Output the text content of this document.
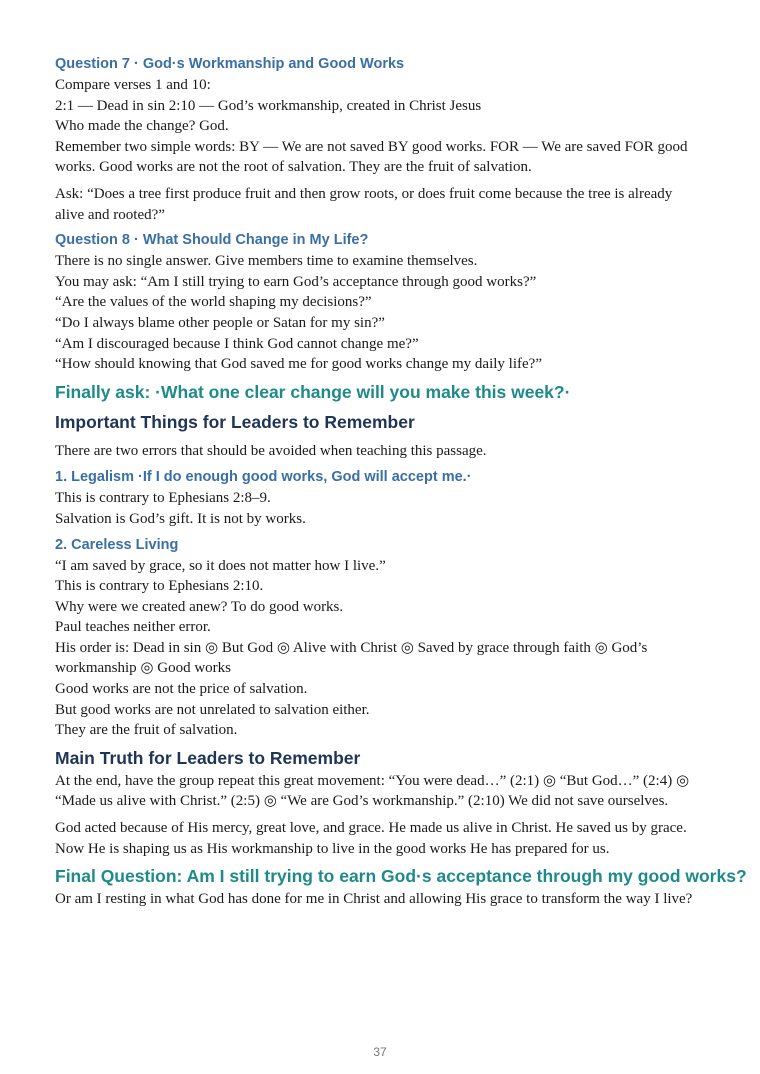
Question 7 · God·s Workmanship and Good Works
Compare verses 1 and 10:
2:1 — Dead in sin 2:10 — God’s workmanship, created in Christ Jesus
Who made the change? God.
Remember two simple words: BY — We are not saved BY good works. FOR — We are saved FOR good works. Good works are not the root of salvation. They are the fruit of salvation.
Ask: “Does a tree first produce fruit and then grow roots, or does fruit come because the tree is already alive and rooted?”
Question 8 · What Should Change in My Life?
There is no single answer. Give members time to examine themselves.
You may ask: “Am I still trying to earn God’s acceptance through good works?”
“Are the values of the world shaping my decisions?”
“Do I always blame other people or Satan for my sin?”
“Am I discouraged because I think God cannot change me?”
“How should knowing that God saved me for good works change my daily life?”
Finally ask: ·What one clear change will you make this week?·
Important Things for Leaders to Remember
There are two errors that should be avoided when teaching this passage.
1. Legalism ·If I do enough good works, God will accept me.·
This is contrary to Ephesians 2:8–9.
Salvation is God’s gift. It is not by works.
2. Careless Living
“I am saved by grace, so it does not matter how I live.”
This is contrary to Ephesians 2:10.
Why were we created anew? To do good works.
Paul teaches neither error.
His order is: Dead in sin ◎ But God ◎ Alive with Christ ◎ Saved by grace through faith ◎ God’s workmanship ◎ Good works
Good works are not the price of salvation.
But good works are not unrelated to salvation either.
They are the fruit of salvation.
Main Truth for Leaders to Remember
At the end, have the group repeat this great movement: “You were dead…” (2:1) ◎ “But God…” (2:4) ◎ “Made us alive with Christ.” (2:5) ◎ “We are God’s workmanship.” (2:10) We did not save ourselves.
God acted because of His mercy, great love, and grace. He made us alive in Christ. He saved us by grace. Now He is shaping us as His workmanship to live in the good works He has prepared for us.
Final Question: Am I still trying to earn God·s acceptance through my good works?
Or am I resting in what God has done for me in Christ and allowing His grace to transform the way I live?
37
